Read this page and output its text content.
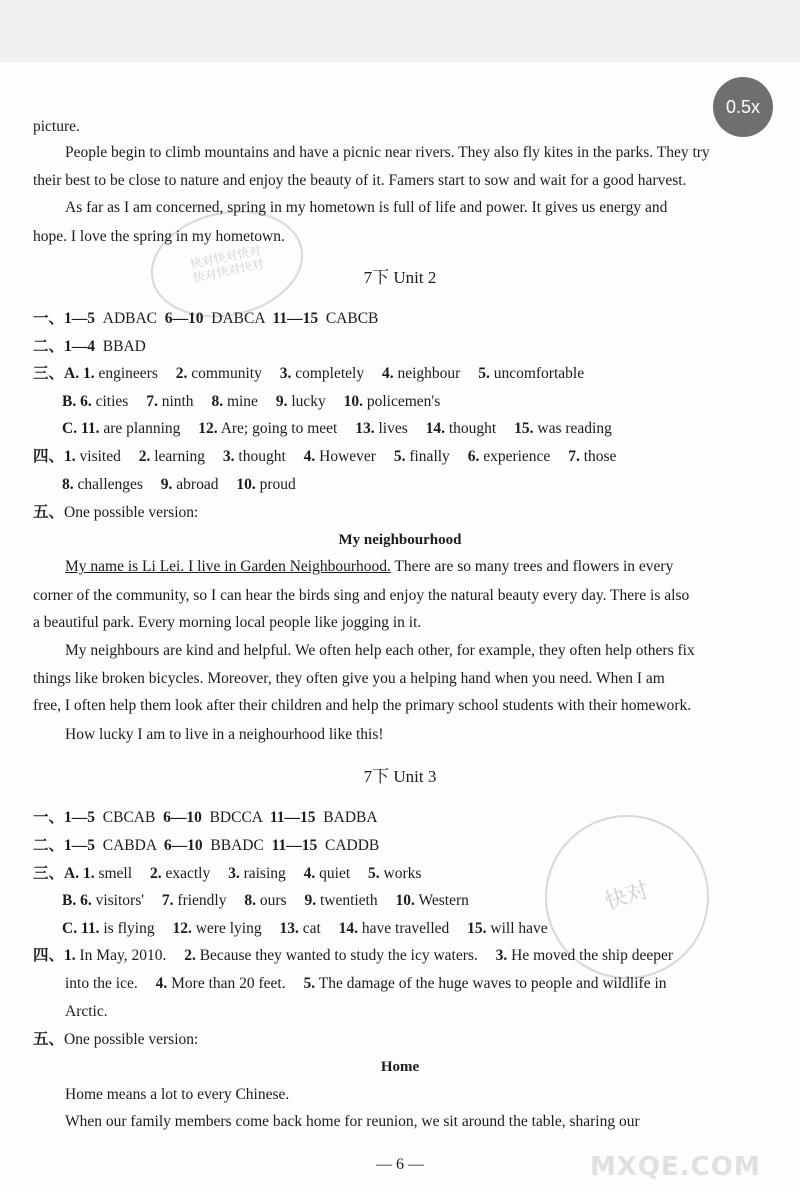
0.5x
快对快对快对
快对快对快对
快对
MXQE.COM
picture.
People begin to climb mountains and have a picnic near rivers. They also fly kites in the parks. They try
their best to be close to nature and enjoy the beauty of it. Famers start to sow and wait for a good harvest.
As far as I am concerned, spring in my hometown is full of life and power. It gives us energy and
hope. I love the spring in my hometown.
7下 Unit 2
一、1—5 ADBAC 6—10 DABCA 11—15 CABCB
二、1—4 BBAD
三、A. 1. engineers 2. community 3. completely 4. neighbour 5. uncomfortable
B. 6. cities 7. ninth 8. mine 9. lucky 10. policemen's
C. 11. are planning 12. Are; going to meet 13. lives 14. thought 15. was reading
四、1. visited 2. learning 3. thought 4. However 5. finally 6. experience 7. those
8. challenges 9. abroad 10. proud
五、One possible version:
My neighbourhood
My name is Li Lei. I live in Garden Neighbourhood. There are so many trees and flowers in every
corner of the community, so I can hear the birds sing and enjoy the natural beauty every day. There is also
a beautiful park. Every morning local people like jogging in it.
My neighbours are kind and helpful. We often help each other, for example, they often help others fix
things like broken bicycles. Moreover, they often give you a helping hand when you need. When I am
free, I often help them look after their children and help the primary school students with their homework.
How lucky I am to live in a neighourhood like this!
7下 Unit 3
一、1—5 CBCAB 6—10 BDCCA 11—15 BADBA
二、1—5 CABDA 6—10 BBADC 11—15 CADDB
三、A. 1. smell 2. exactly 3. raising 4. quiet 5. works
B. 6. visitors' 7. friendly 8. ours 9. twentieth 10. Western
C. 11. is flying 12. were lying 13. cat 14. have travelled 15. will have
四、1. In May, 2010. 2. Because they wanted to study the icy waters. 3. He moved the ship deeper
into the ice. 4. More than 20 feet. 5. The damage of the huge waves to people and wildlife in
Arctic.
五、One possible version:
Home
Home means a lot to every Chinese.
When our family members come back home for reunion, we sit around the table, sharing our
— 6 —
